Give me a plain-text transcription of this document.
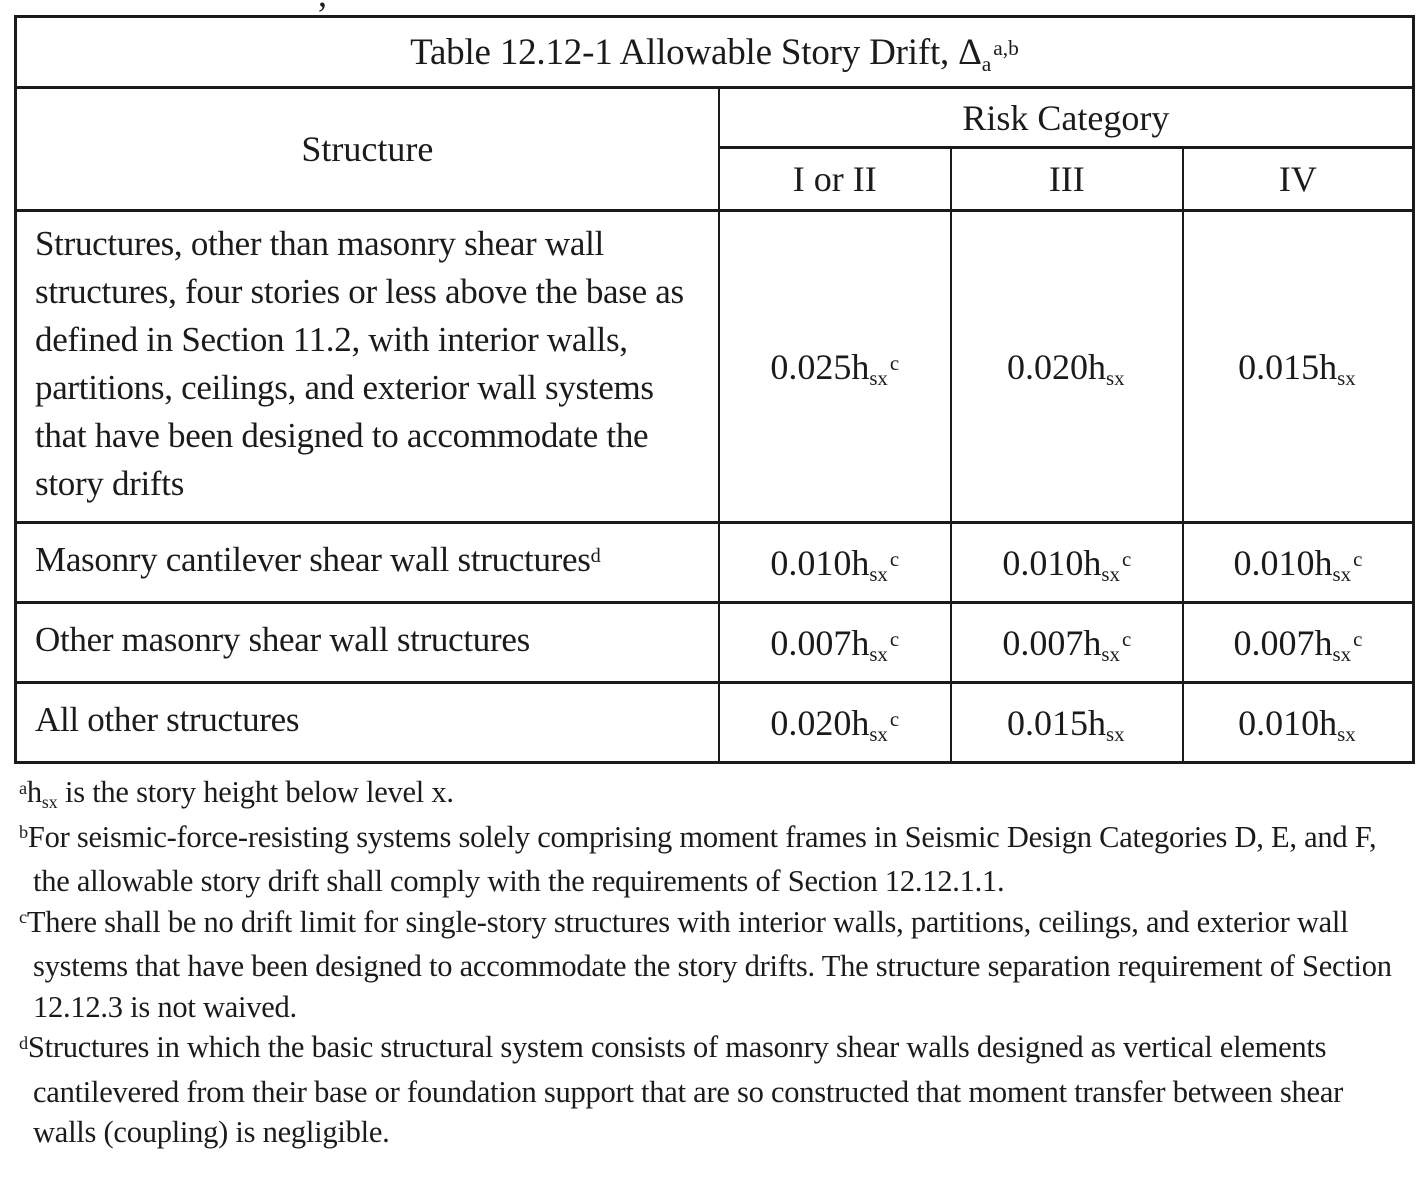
Table 12.12-1 Allowable Story Drift, Δa$^{a,b}$
Structure	Risk Category		
	I or II	III	IV
Structures, other than masonry shear wall structures, four stories or less above the base as defined in Section 11.2, with interior walls, partitions, ceilings, and exterior wall systems that have been designed to accommodate the story drifts	0.025hsx$^c$	0.020hsx	0.015hsx
Masonry cantilever shear wall structures$^d$	0.010hsx$^c$	0.010hsx$^c$	0.010hsx$^c$
Other masonry shear wall structures	0.007hsx$^c$	0.007hsx$^c$	0.007hsx$^c$
All other structures	0.020hsx$^c$	0.015hsx	0.010hsx
$^a$hsx is the story height below level x.
$^b$For seismic-force-resisting systems solely comprising moment frames in Seismic Design Categories D, E, and F, the allowable story drift shall comply with the requirements of Section 12.12.1.1.
$^c$There shall be no drift limit for single-story structures with interior walls, partitions, ceilings, and exterior wall systems that have been designed to accommodate the story drifts. The structure separation requirement of Section 12.12.3 is not waived.
$^d$Structures in which the basic structural system consists of masonry shear walls designed as vertical elements cantilevered from their base or foundation support that are so constructed that moment transfer between shear walls (coupling) is negligible.
